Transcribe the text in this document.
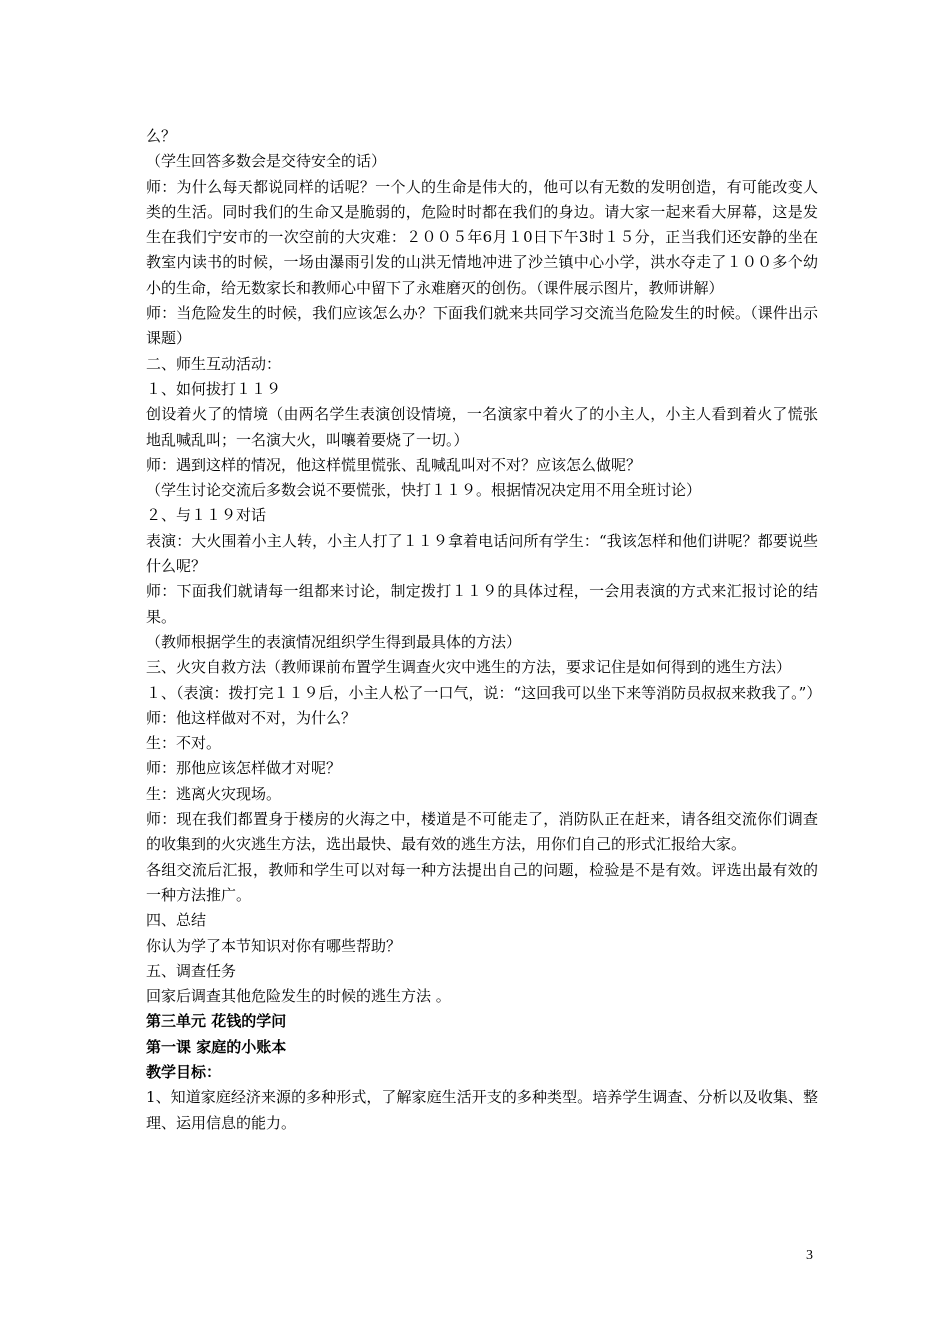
么？

（学生回答多数会是交待安全的话）

师：为什么每天都说同样的话呢？一个人的生命是伟大的，他可以有无数的发明创造，有可能改变人类的生活。同时我们的生命又是脆弱的，危险时时都在我们的身边。请大家一起来看大屏幕，这是发生在我们宁安市的一次空前的大灾难：２００５年6月１0日下午3时１５分，正当我们还安静的坐在教室内读书的时候，一场由瀑雨引发的山洪无情地冲进了沙兰镇中心小学，洪水夺走了１００多个幼小的生命，给无数家长和教师心中留下了永难磨灭的创伤。（课件展示图片，教师讲解）

师：当危险发生的时候，我们应该怎么办？下面我们就来共同学习交流当危险发生的时候。（课件出示课题）

二、师生互动活动：

１、如何拔打１１９

创设着火了的情境（由两名学生表演创设情境，一名演家中着火了的小主人，小主人看到着火了慌张地乱喊乱叫；一名演大火，叫嚷着要烧了一切。）

师：遇到这样的情况，他这样慌里慌张、乱喊乱叫对不对？应该怎么做呢？

（学生讨论交流后多数会说不要慌张，快打１１９。根据情况决定用不用全班讨论）

２、与１１９对话

表演：大火围着小主人转，小主人打了１１９拿着电话问所有学生：“我该怎样和他们讲呢？都要说些什么呢？

师：下面我们就请每一组都来讨论，制定拨打１１９的具体过程，一会用表演的方式来汇报讨论的结果。

（教师根据学生的表演情况组织学生得到最具体的方法）

三、火灾自救方法（教师课前布置学生调查火灾中逃生的方法，要求记住是如何得到的逃生方法）

１、（表演：拨打完１１９后，小主人松了一口气，说：“这回我可以坐下来等消防员叔叔来救我了。”）

师：他这样做对不对，为什么？

生：不对。

师：那他应该怎样做才对呢？

生：逃离火灾现场。

师：现在我们都置身于楼房的火海之中，楼道是不可能走了，消防队正在赶来，请各组交流你们调查的收集到的火灾逃生方法，选出最快、最有效的逃生方法，用你们自己的形式汇报给大家。

各组交流后汇报，教师和学生可以对每一种方法提出自己的问题，检验是不是有效。评选出最有效的一种方法推广。

四、总结

你认为学了本节知识对你有哪些帮助？

五、调查任务

回家后调查其他危险发生的时候的逃生方法 。

第三单元 花钱的学问

第一课 家庭的小账本

教学目标：

1、知道家庭经济来源的多种形式，了解家庭生活开支的多种类型。培养学生调查、分析以及收集、整理、运用信息的能力。

3
